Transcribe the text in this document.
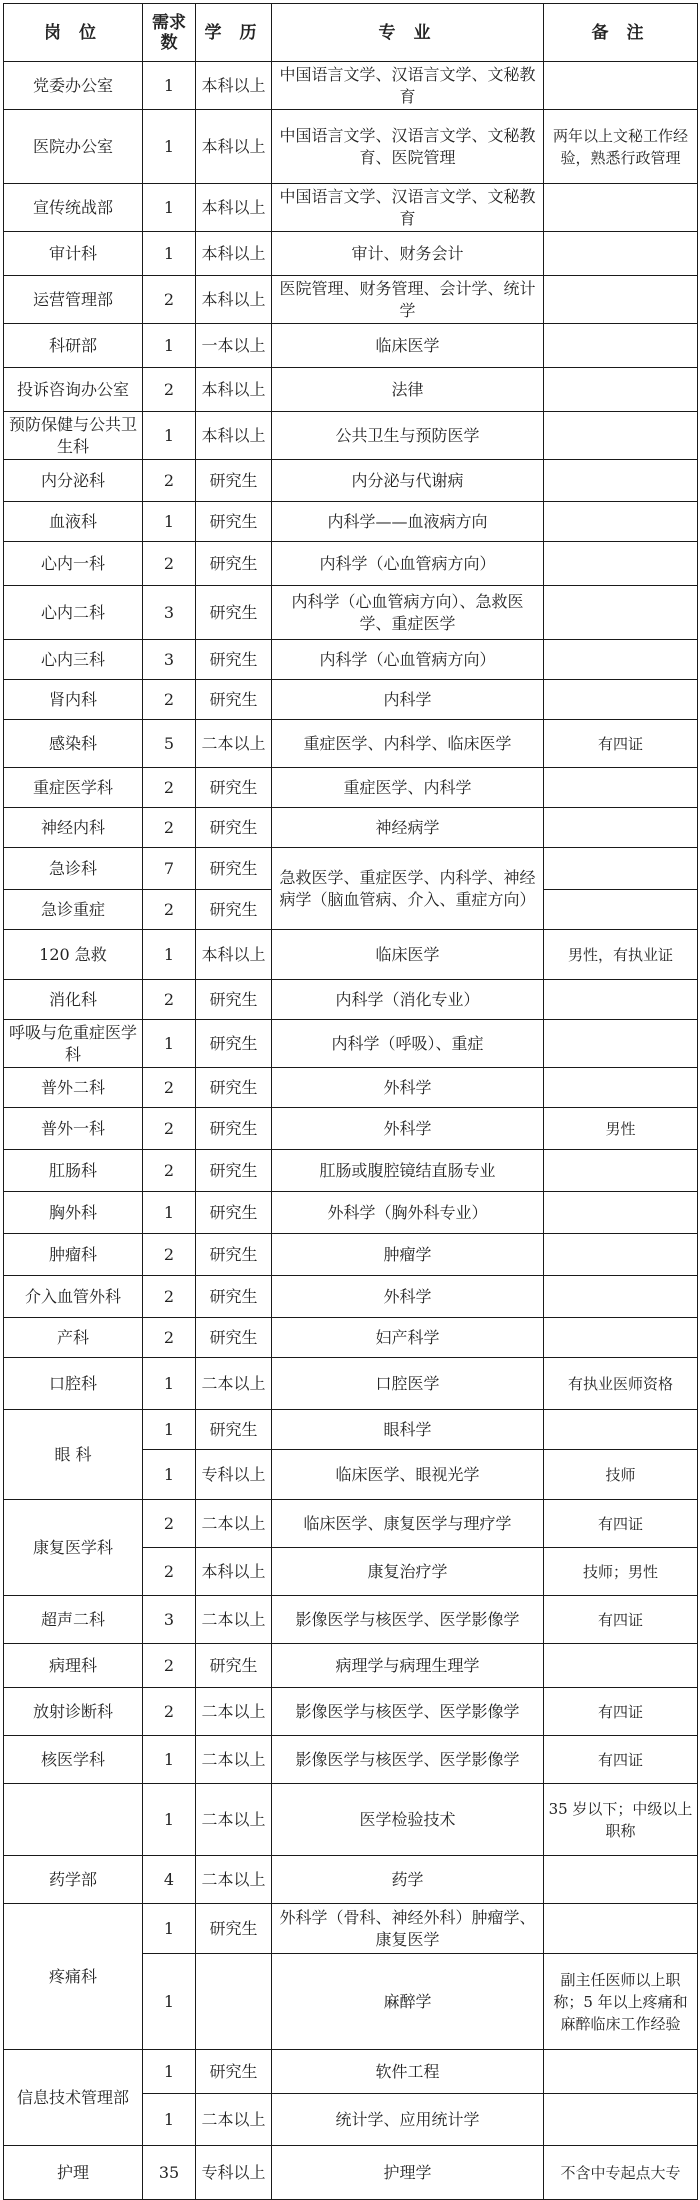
岗 位	需求数	学 历	专 业	备 注
党委办公室	1	本科以上	中国语言文学、汉语言文学、文秘教育	
医院办公室	1	本科以上	中国语言文学、汉语言文学、文秘教育、医院管理	两年以上文秘工作经验，熟悉行政管理
宣传统战部	1	本科以上	中国语言文学、汉语言文学、文秘教育	
审计科	1	本科以上	审计、财务会计	
运营管理部	2	本科以上	医院管理、财务管理、会计学、统计学	
科研部	1	一本以上	临床医学	
投诉咨询办公室	2	本科以上	法律	
预防保健与公共卫生科	1	本科以上	公共卫生与预防医学	
内分泌科	2	研究生	内分泌与代谢病	
血液科	1	研究生	内科学——血液病方向	
心内一科	2	研究生	内科学（心血管病方向）	
心内二科	3	研究生	内科学（心血管病方向）、急救医学、重症医学	
心内三科	3	研究生	内科学（心血管病方向）	
肾内科	2	研究生	内科学	
感染科	5	二本以上	重症医学、内科学、临床医学	有四证
重症医学科	2	研究生	重症医学、内科学	
神经内科	2	研究生	神经病学	
急诊科	7	研究生	急救医学、重症医学、内科学、神经病学（脑血管病、介入、重症方向）	
急诊重症	2	研究生		
120 急救	1	本科以上	临床医学	男性，有执业证
消化科	2	研究生	内科学（消化专业）	
呼吸与危重症医学科	1	研究生	内科学（呼吸）、重症	
普外二科	2	研究生	外科学	
普外一科	2	研究生	外科学	男性
肛肠科	2	研究生	肛肠或腹腔镜结直肠专业	
胸外科	1	研究生	外科学（胸外科专业）	
肿瘤科	2	研究生	肿瘤学	
介入血管外科	2	研究生	外科学	
产科	2	研究生	妇产科学	
口腔科	1	二本以上	口腔医学	有执业医师资格
眼 科	1	研究生	眼科学	
	1	专科以上	临床医学、眼视光学	技师
康复医学科	2	二本以上	临床医学、康复医学与理疗学	有四证
	2	本科以上	康复治疗学	技师；男性
超声二科	3	二本以上	影像医学与核医学、医学影像学	有四证
病理科	2	研究生	病理学与病理生理学	
放射诊断科	2	二本以上	影像医学与核医学、医学影像学	有四证
核医学科	1	二本以上	影像医学与核医学、医学影像学	有四证
	1	二本以上	医学检验技术	35 岁以下；中级以上职称
药学部	4	二本以上	药学	
疼痛科	1	研究生	外科学（骨科、神经外科）肿瘤学、康复医学	
	1		麻醉学	副主任医师以上职称；5 年以上疼痛和麻醉临床工作经验
信息技术管理部	1	研究生	软件工程	
	1	二本以上	统计学、应用统计学	
护理	35	专科以上	护理学	不含中专起点大专
